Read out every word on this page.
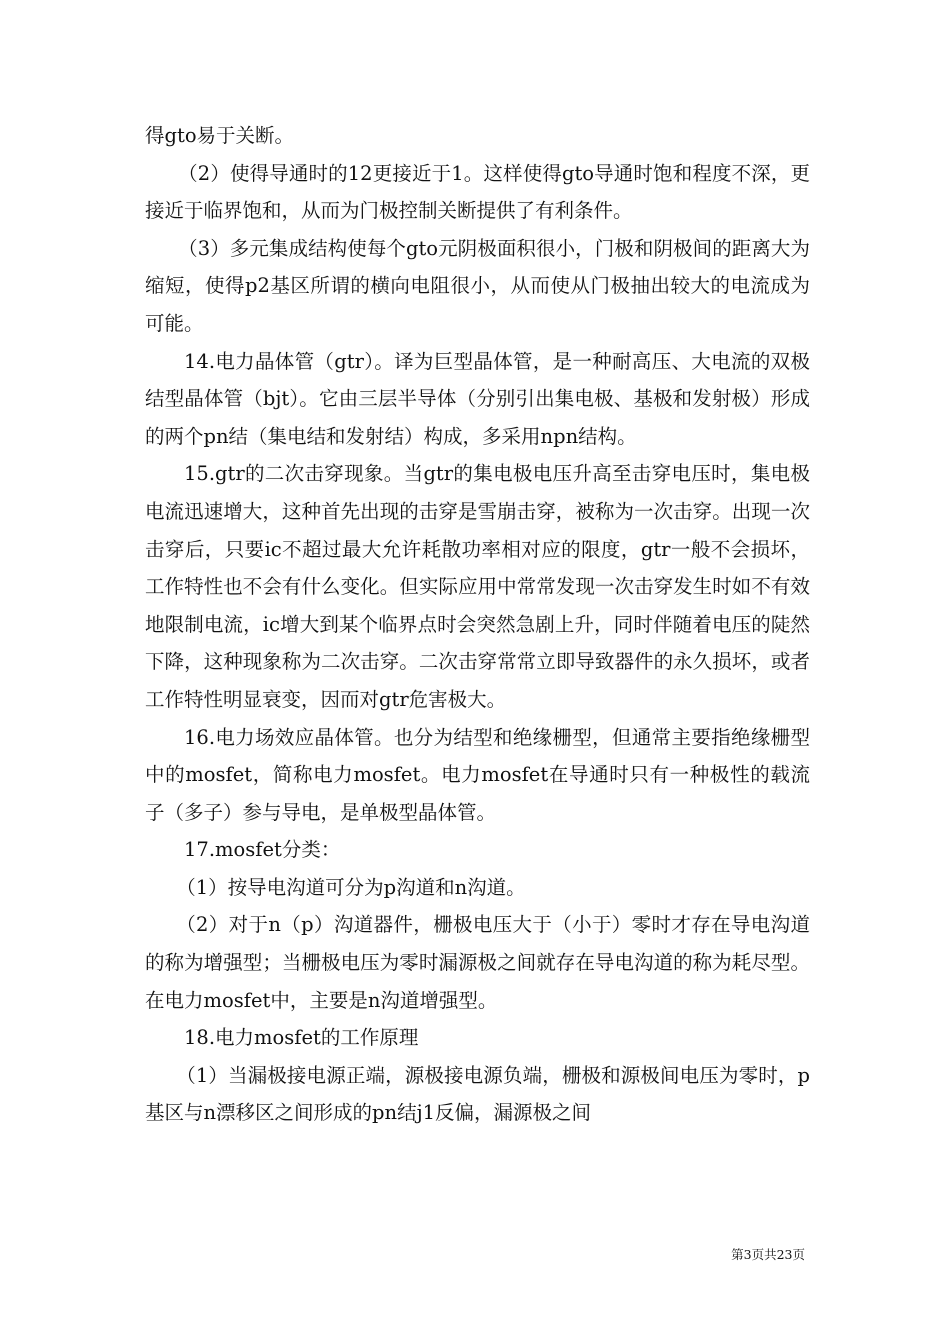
得gto易于关断。

（2）使得导通时的12更接近于1。这样使得gto导通时饱和程度不深，更接近于临界饱和，从而为门极控制关断提供了有利条件。

（3）多元集成结构使每个gto元阴极面积很小，门极和阴极间的距离大为缩短，使得p2基区所谓的横向电阻很小，从而使从门极抽出较大的电流成为可能。

14.电力晶体管（gtr）。译为巨型晶体管，是一种耐高压、大电流的双极结型晶体管（bjt）。它由三层半导体（分别引出集电极、基极和发射极）形成的两个pn结（集电结和发射结）构成，多采用npn结构。

15.gtr的二次击穿现象。当gtr的集电极电压升高至击穿电压时，集电极电流迅速增大，这种首先出现的击穿是雪崩击穿，被称为一次击穿。出现一次击穿后，只要ic不超过最大允许耗散功率相对应的限度，gtr一般不会损坏，工作特性也不会有什么变化。但实际应用中常常发现一次击穿发生时如不有效地限制电流，ic增大到某个临界点时会突然急剧上升，同时伴随着电压的陡然下降，这种现象称为二次击穿。二次击穿常常立即导致器件的永久损坏，或者工作特性明显衰变，因而对gtr危害极大。

16.电力场效应晶体管。也分为结型和绝缘栅型，但通常主要指绝缘栅型中的mosfet，简称电力mosfet。电力mosfet在导通时只有一种极性的载流子（多子）参与导电，是单极型晶体管。

17.mosfet分类：

（1）按导电沟道可分为p沟道和n沟道。

（2）对于n（p）沟道器件，栅极电压大于（小于）零时才存在导电沟道的称为增强型；当栅极电压为零时漏源极之间就存在导电沟道的称为耗尽型。在电力mosfet中，主要是n沟道增强型。

18.电力mosfet的工作原理

（1）当漏极接电源正端，源极接电源负端，栅极和源极间电压为零时，p基区与n漂移区之间形成的pn结j1反偏，漏源极之间

第3页共23页
